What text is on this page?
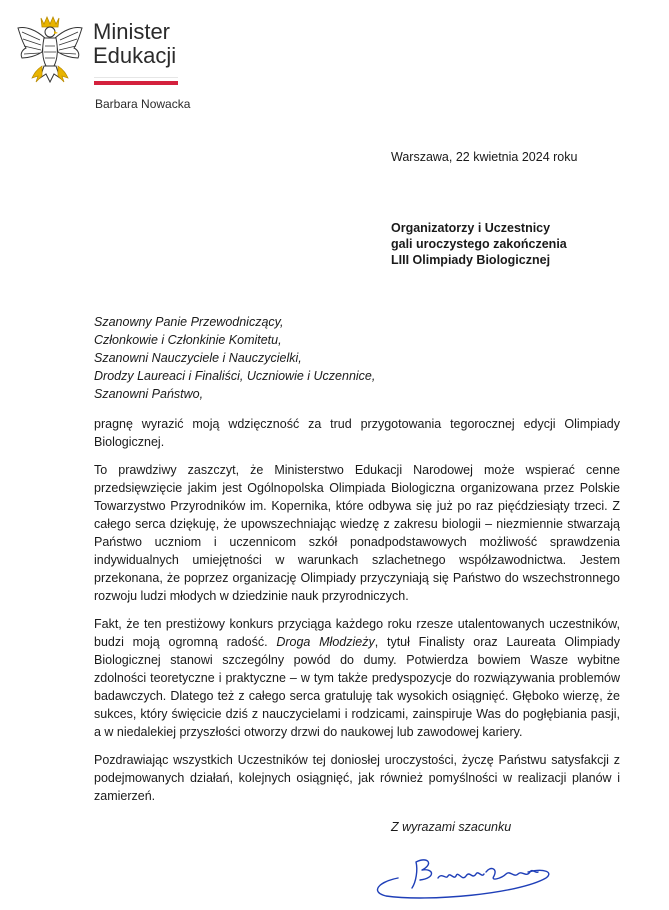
Minister
Edukacji
Barbara Nowacka
Warszawa, 22 kwietnia 2024 roku
Organizatorzy i Uczestnicy
gali uroczystego zakończenia
LIII Olimpiady Biologicznej
Szanowny Panie Przewodniczący,
Członkowie i Członkinie Komitetu,
Szanowni Nauczyciele i Nauczycielki,
Drodzy Laureaci i Finaliści, Uczniowie i Uczennice,
Szanowni Państwo,

pragnę wyrazić moją wdzięczność za trud przygotowania tegorocznej edycji Olimpiady Biologicznej.

To prawdziwy zaszczyt, że Ministerstwo Edukacji Narodowej może wspierać cenne przedsięwzięcie jakim jest Ogólnopolska Olimpiada Biologiczna organizowana przez Polskie Towarzystwo Przyrodników im. Kopernika, które odbywa się już po raz pięćdziesiąty trzeci. Z całego serca dziękuję, że upowszechniając wiedzę z zakresu biologii – niezmiennie stwarzają Państwo uczniom i uczennicom szkół ponadpodstawowych możliwość sprawdzenia indywidualnych umiejętności w warunkach szlachetnego współzawodnictwa. Jestem przekonana, że poprzez organizację Olimpiady przyczyniają się Państwo do wszechstronnego rozwoju ludzi młodych w dziedzinie nauk przyrodniczych.

Fakt, że ten prestiżowy konkurs przyciąga każdego roku rzesze utalentowanych uczestników, budzi moją ogromną radość. Droga Młodzieży, tytuł Finalisty oraz Laureata Olimpiady Biologicznej stanowi szczególny powód do dumy. Potwierdza bowiem Wasze wybitne zdolności teoretyczne i praktyczne – w tym także predyspozycje do rozwiązywania problemów badawczych. Dlatego też z całego serca gratuluję tak wysokich osiągnięć. Głęboko wierzę, że sukces, który święcicie dziś z nauczycielami i rodzicami, zainspiruje Was do pogłębiania pasji, a w niedalekiej przyszłości otworzy drzwi do naukowej lub zawodowej kariery.

Pozdrawiając wszystkich Uczestników tej doniosłej uroczystości, życzę Państwu satysfakcji z podejmowanych działań, kolejnych osiągnięć, jak również pomyślności w realizacji planów i zamierzeń.

Z wyrazami szacunku
